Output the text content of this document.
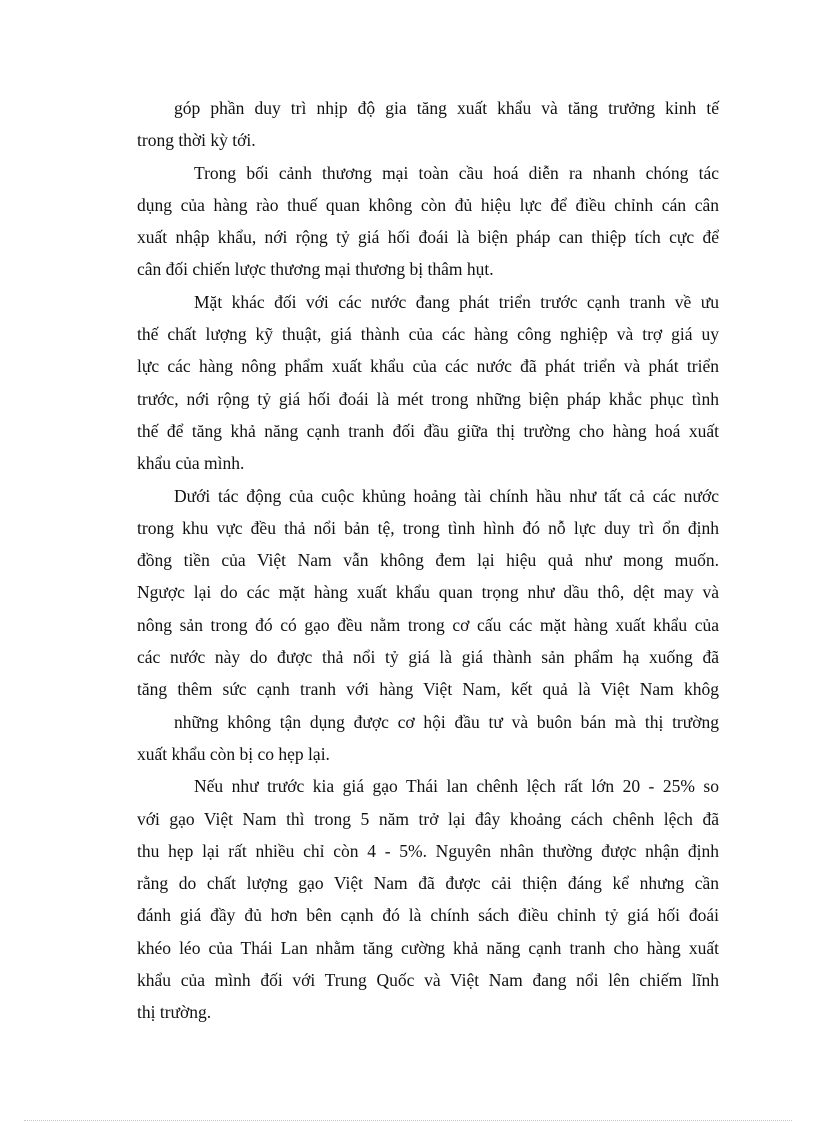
góp phần duy trì nhịp độ gia tăng xuất khẩu và tăng trưởng kinh tế
trong thời kỳ tới.
Trong bối cảnh thương mại toàn cầu hoá diễn ra nhanh chóng tác
dụng của hàng rào thuế quan không còn đủ hiệu lực để điều chỉnh cán cân
xuất nhập khẩu, nới rộng tỷ giá hối đoái là biện pháp can thiệp tích cực để
cân đối chiến lược thương mại thương bị thâm hụt.
Mặt khác đối với các nước đang phát triển trước cạnh tranh về ưu
thế chất lượng kỹ thuật, giá thành của các hàng công nghiệp và trợ giá uy
lực các hàng nông phẩm xuất khẩu của các nước đã phát triển và phát triển
trước, nới rộng tỷ giá hối đoái là mét trong những biện pháp khắc phục tình
thế để tăng khả năng cạnh tranh đối đầu giữa thị trường cho hàng hoá xuất
khẩu của mình.
Dưới tác động của cuộc khủng hoảng tài chính hầu như tất cả các nước
trong khu vực đều thả nổi bản tệ, trong tình hình đó nỗ lực duy trì ổn định
đồng tiền của Việt Nam vẫn không đem lại hiệu quả như mong muốn.
Ngược lại do các mặt hàng xuất khẩu quan trọng như dầu thô, dệt may và
nông sản trong đó có gạo đều nằm trong cơ cấu các mặt hàng xuất khẩu của
các nước này do được thả nổi tỷ giá là giá thành sản phẩm hạ xuống đã
tăng thêm sức cạnh tranh với hàng Việt Nam, kết quả là Việt Nam khôg
những không tận dụng được cơ hội đầu tư và buôn bán mà thị trường
xuất khẩu còn bị co hẹp lại.
Nếu như trước kia giá gạo Thái lan chênh lệch rất lớn 20 - 25% so
với gạo Việt Nam thì trong 5 năm trở lại đây khoảng cách chênh lệch đã
thu hẹp lại rất nhiều chỉ còn 4 - 5%. Nguyên nhân thường được nhận định
rằng do chất lượng gạo Việt Nam đã được cải thiện đáng kể nhưng cần
đánh giá đầy đủ hơn bên cạnh đó là chính sách điều chỉnh tỷ giá hối đoái
khéo léo của Thái Lan nhằm tăng cường khả năng cạnh tranh cho hàng xuất
khẩu của mình đối với Trung Quốc và Việt Nam đang nổi lên chiếm lĩnh
thị trường.
